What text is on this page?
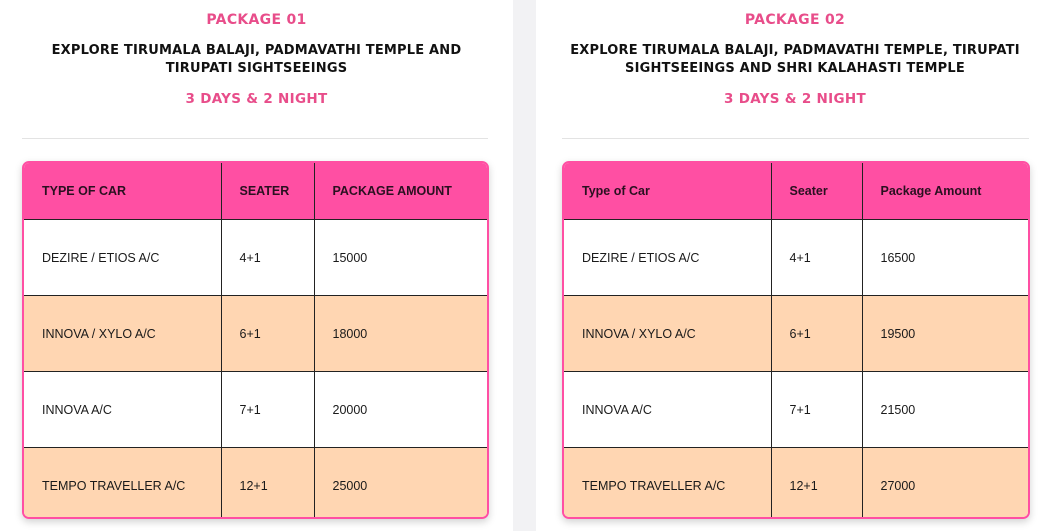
PACKAGE 01
EXPLORE TIRUMALA BALAJI, PADMAVATHI TEMPLE AND
TIRUPATI SIGHTSEEINGS
3 DAYS & 2 NIGHT
TYPE OF CAR	SEATER	PACKAGE AMOUNT
DEZIRE / ETIOS A/C	4+1	15000
INNOVA / XYLO A/C	6+1	18000
INNOVA A/C	7+1	20000
TEMPO TRAVELLER A/C	12+1	25000
PACKAGE 02
EXPLORE TIRUMALA BALAJI, PADMAVATHI TEMPLE, TIRUPATI
SIGHTSEEINGS AND SHRI KALAHASTI TEMPLE
3 DAYS & 2 NIGHT
Type of Car	Seater	Package Amount
DEZIRE / ETIOS A/C	4+1	16500
INNOVA / XYLO A/C	6+1	19500
INNOVA A/C	7+1	21500
TEMPO TRAVELLER A/C	12+1	27000
